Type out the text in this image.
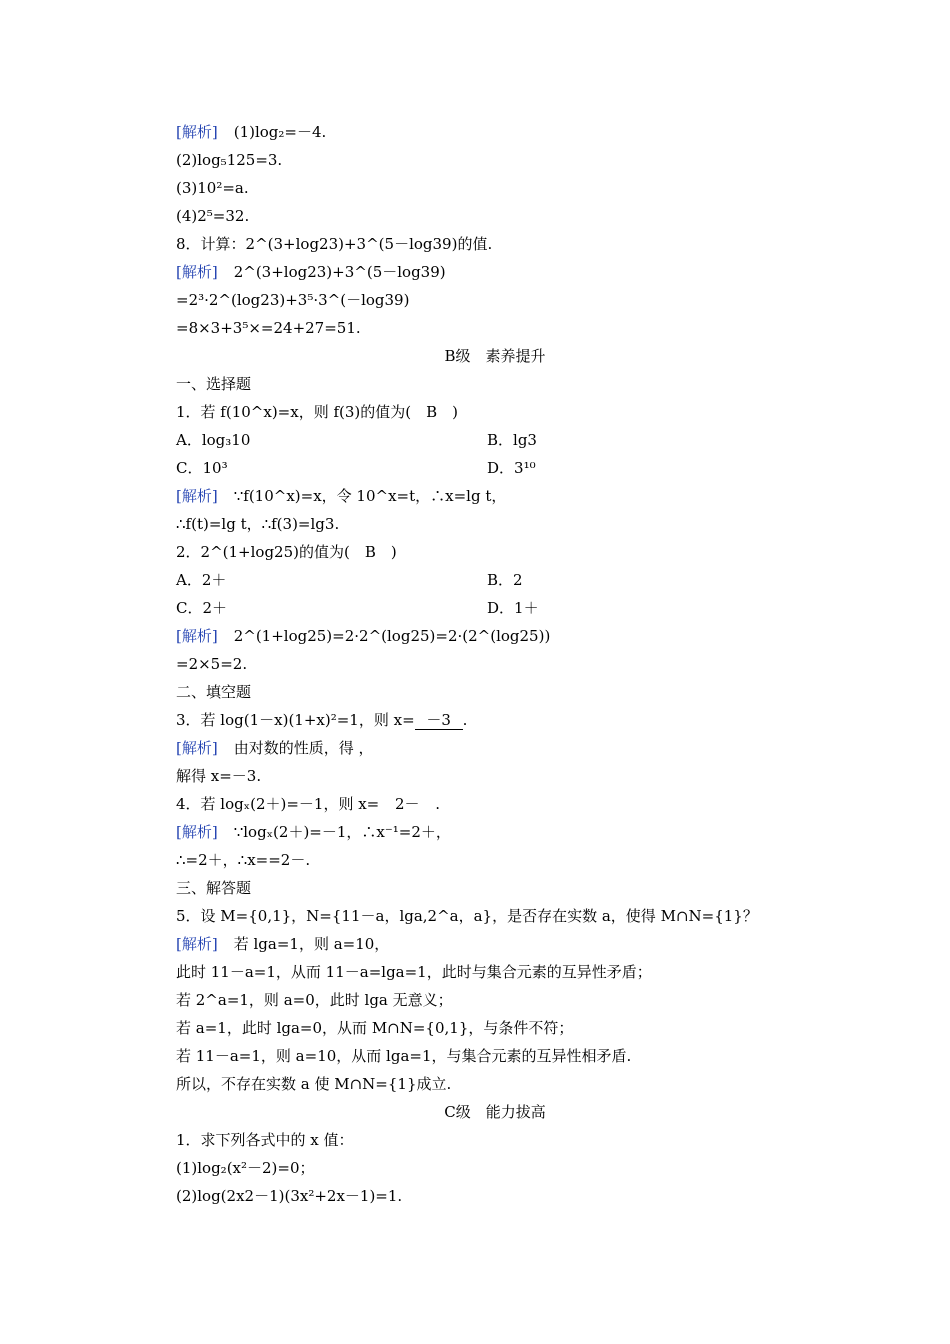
[解析] (1)log₂=－4.
(2)log₅125=3.
(3)10²=a.
(4)2⁵=32.
8．计算：2^(3+log23)+3^(5－log39)的值.
[解析] 2^(3+log23)+3^(5－log39)
=2³·2^(log23)+3⁵·3^(－log39)
=8×3+3⁵×=24+27=51.
B级　素养提升
一、选择题
1．若 f(10^x)=x，则 f(3)的值为(　B　)
A．log₃10	B．lg3
C．10³	D．3¹⁰
[解析] ∵f(10^x)=x，令 10^x=t，∴x=lg t，
∴f(t)=lg t，∴f(3)=lg3.
2．2^(1+log25)的值为(　B　)
A．2＋	B．2
C．2＋	D．1＋
[解析] 2^(1+log25)=2·2^(log25)=2·(2^(log25))
=2×5=2.
二、填空题
3．若 log(1－x)(1+x)²=1，则 x= －3 .
[解析] 由对数的性质，得 ，
解得 x=－3.
4．若 logₓ(2＋)=－1，则 x= 2－ .
[解析] ∵logₓ(2＋)=－1，∴x⁻¹=2＋，
∴=2＋，∴x==2－.
三、解答题
5．设 M={0,1}，N={11－a，lga,2^a，a}，是否存在实数 a，使得 M∩N={1}？
[解析] 若 lga=1，则 a=10，
此时 11－a=1，从而 11－a=lga=1，此时与集合元素的互异性矛盾；
若 2^a=1，则 a=0，此时 lga 无意义；
若 a=1，此时 lga=0，从而 M∩N={0,1}，与条件不符；
若 11－a=1，则 a=10，从而 lga=1，与集合元素的互异性相矛盾.
所以，不存在实数 a 使 M∩N={1}成立.
C级　能力拔高
1．求下列各式中的 x 值：
(1)log₂(x²－2)=0；
(2)log(2x2－1)(3x²+2x－1)=1.
